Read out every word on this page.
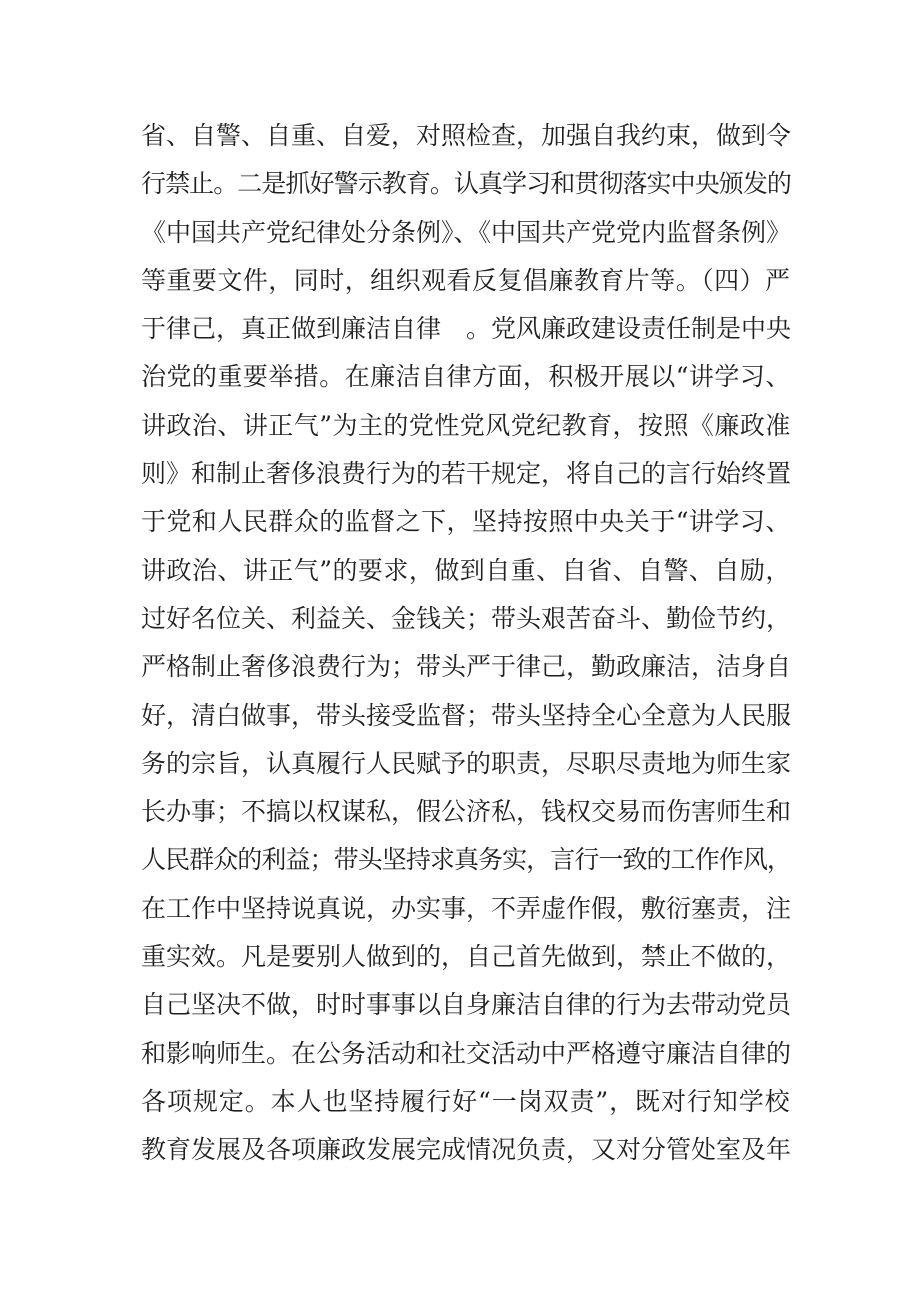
省、自警、自重、自爱，对照检查，加强自我约束，做到令
行禁止。二是抓好警示教育。认真学习和贯彻落实中央颁发的
《中国共产党纪律处分条例》、《中国共产党党内监督条例》
等重要文件，同时，组织观看反复倡廉教育片等。（四）严
于律己，真正做到廉洁自律　。党风廉政建设责任制是中央
治党的重要举措。在廉洁自律方面，积极开展以“讲学习、
讲政治、讲正气”为主的党性党风党纪教育，按照《廉政准
则》和制止奢侈浪费行为的若干规定，将自己的言行始终置
于党和人民群众的监督之下，坚持按照中央关于“讲学习、
讲政治、讲正气”的要求，做到自重、自省、自警、自励，
过好名位关、利益关、金钱关；带头艰苦奋斗、勤俭节约，
严格制止奢侈浪费行为；带头严于律己，勤政廉洁，洁身自
好，清白做事，带头接受监督；带头坚持全心全意为人民服
务的宗旨，认真履行人民赋予的职责，尽职尽责地为师生家
长办事；不搞以权谋私，假公济私，钱权交易而伤害师生和
人民群众的利益；带头坚持求真务实，言行一致的工作作风，
在工作中坚持说真说，办实事，不弄虚作假，敷衍塞责，注
重实效。凡是要别人做到的，自己首先做到，禁止不做的，
自己坚决不做，时时事事以自身廉洁自律的行为去带动党员
和影响师生。在公务活动和社交活动中严格遵守廉洁自律的
各项规定。本人也坚持履行好“一岗双责”，既对行知学校
教育发展及各项廉政发展完成情况负责，又对分管处室及年
